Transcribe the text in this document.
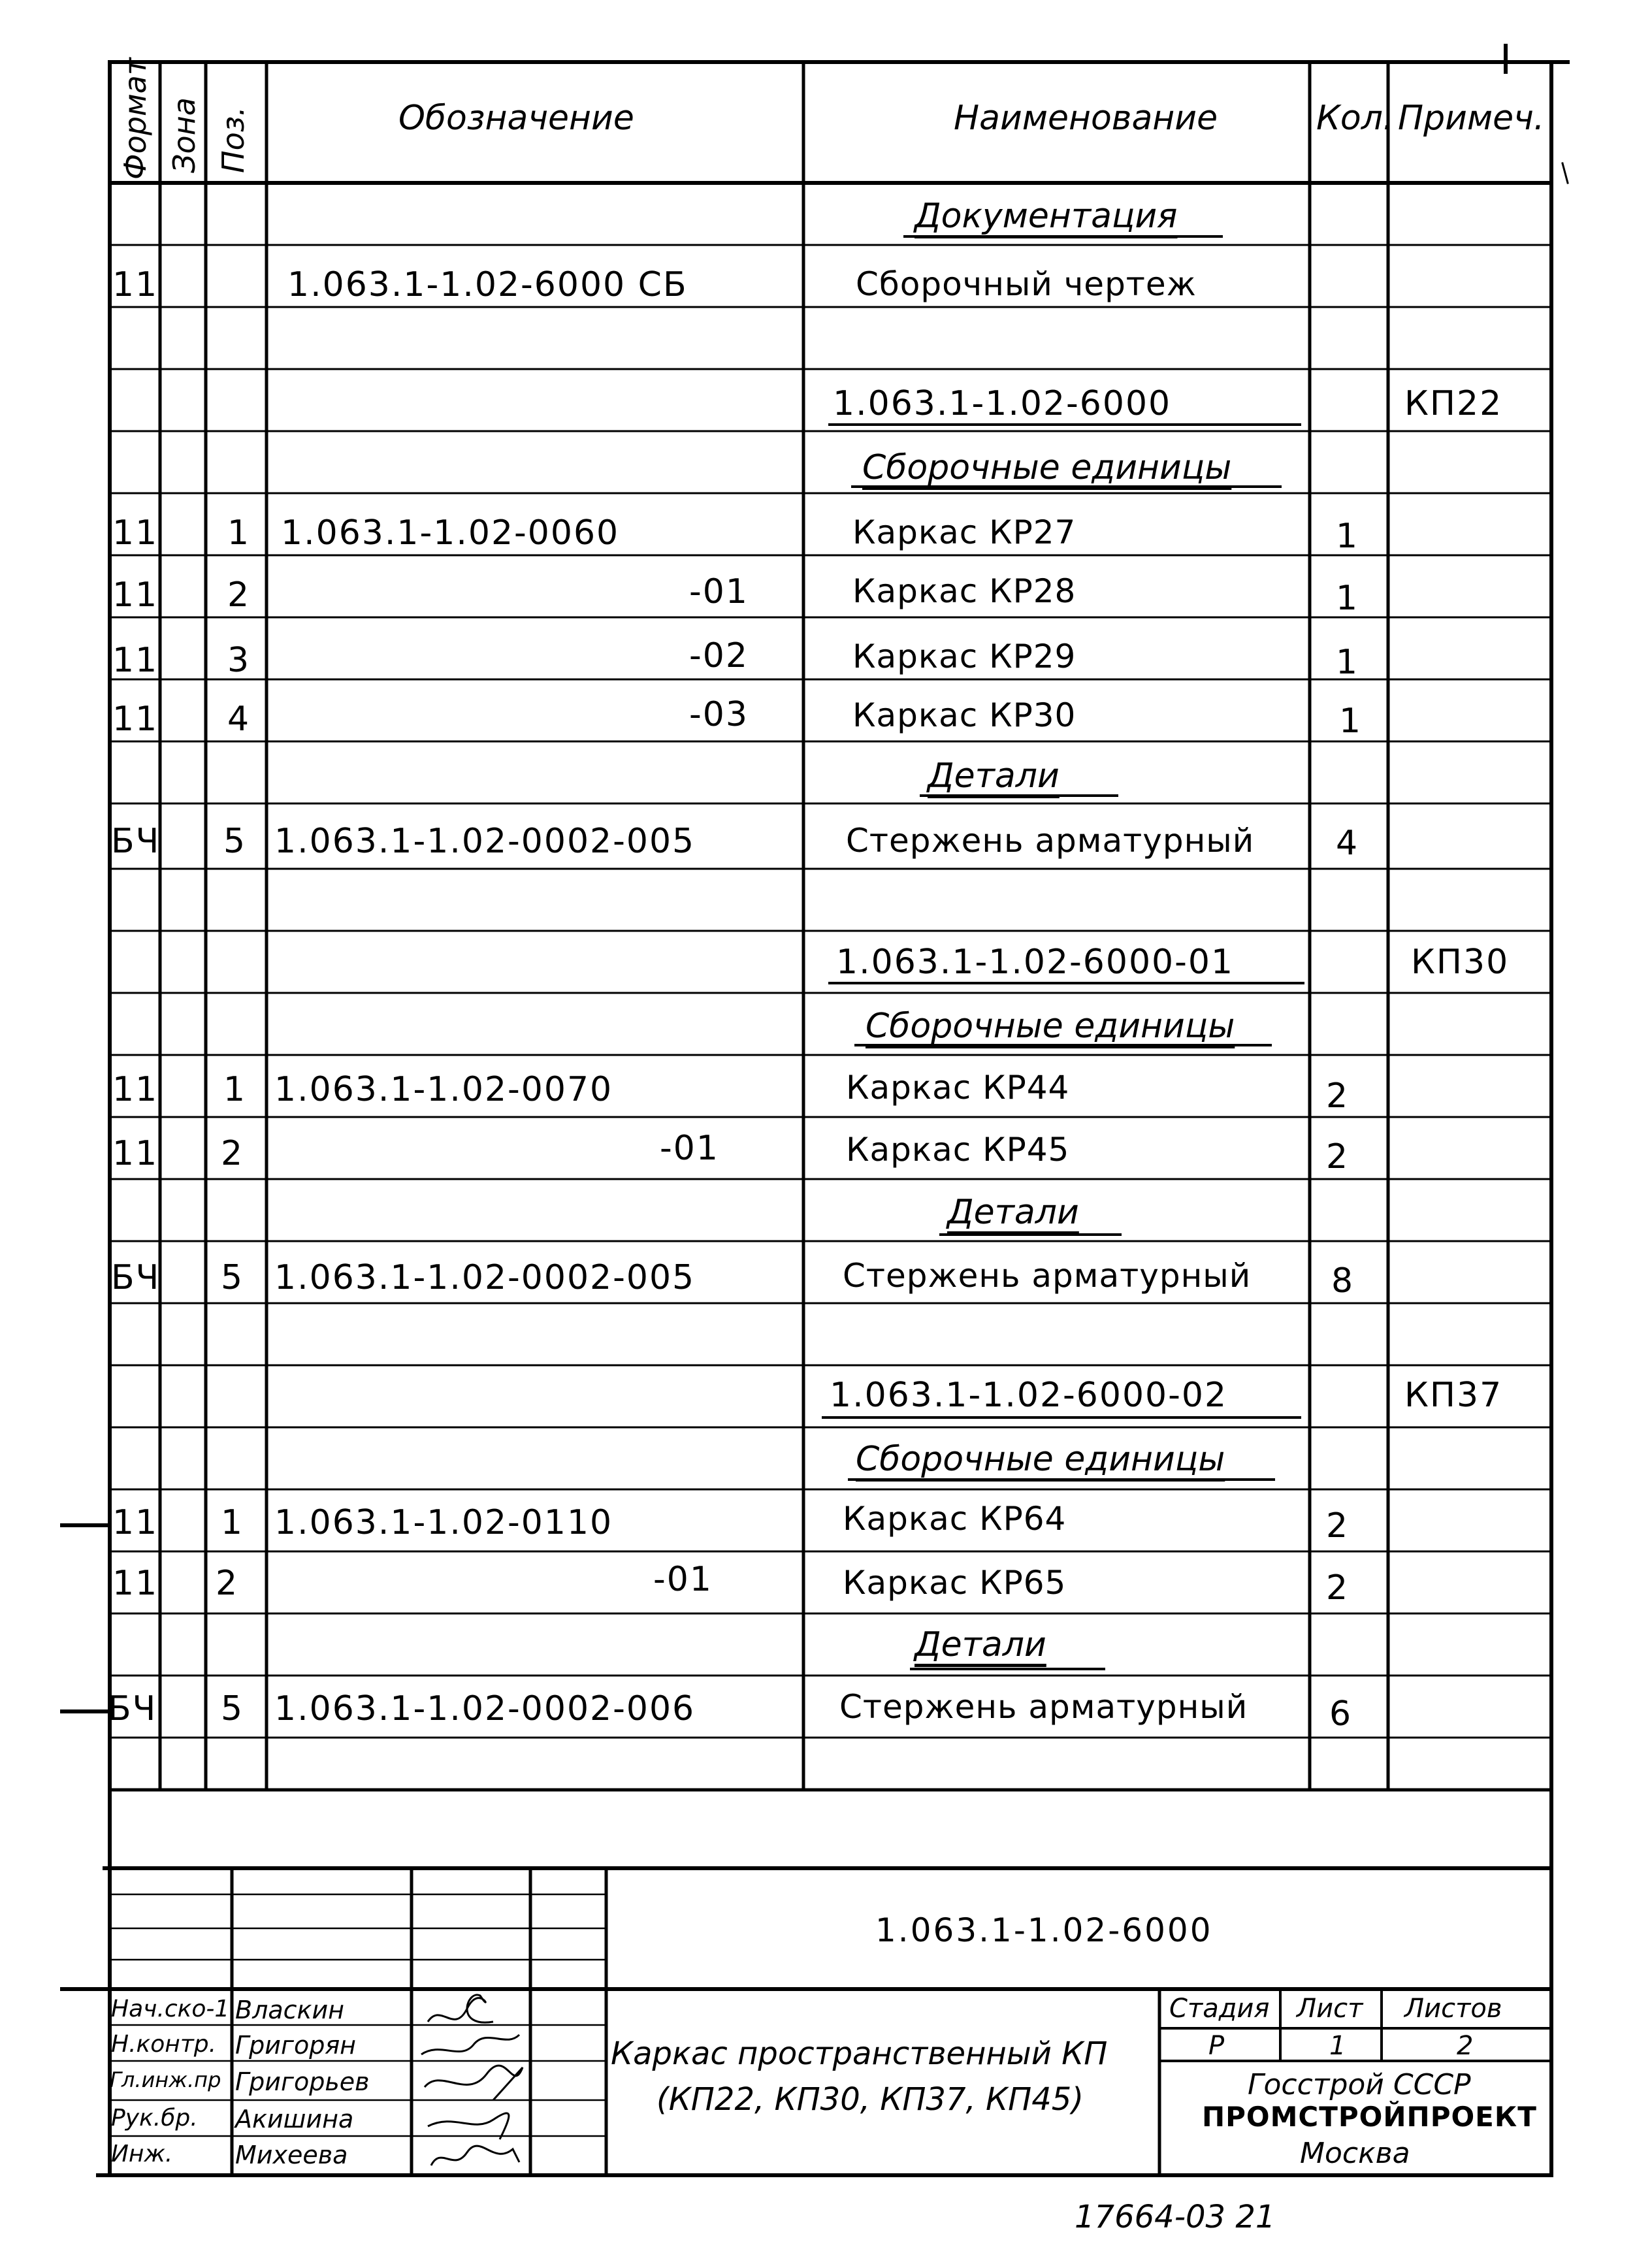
Формат Зона Поз.	Обозначение	Наименование	Кол. Примеч.
Документация
11	1.063.1-1.02-6000 СБ	Сборочный чертеж
1.063.1-1.02-6000	КП22
Сборочные единицы
11 1 1.063.1-1.02-0060	Каркас КР27	1
11 2	-01	Каркас КР28	1
11 3	-02	Каркас КР29	1
11 4	-03	Каркас КР30	1
Детали
БЧ 5 1.063.1-1.02-0002-005	Стержень арматурный 4
1.063.1-1.02-6000-01	КП30
Сборочные единицы
11 1 1.063.1-1.02-0070	Каркас КР44	2
11 2	-01	Каркас КР45	2
Детали
БЧ 5 1.063.1-1.02-0002-005	Стержень арматурный 8
1.063.1-1.02-6000-02	КП37
Сборочные единицы
11 1 1.063.1-1.02-0110	Каркас КР64	2
11 2	-01	Каркас КР65	2
Детали
БЧ 5 1.063.1-1.02-0002-006	Стержень арматурный 6
1.063.1-1.02-6000
Нач.ско-1 Власкин
Н.контр. Григорян
Гл.инж.пр Григорьев
Рук.бр. Акишина
Инж.	Михеева
Каркас пространственный КП
(КП22, КП30, КП37, КП45)
Стадия Лист Листов
Р	1	2
Госстрой СССР
ПРОМСТРОЙПРОЕКТ
Москва
17664-03 21
